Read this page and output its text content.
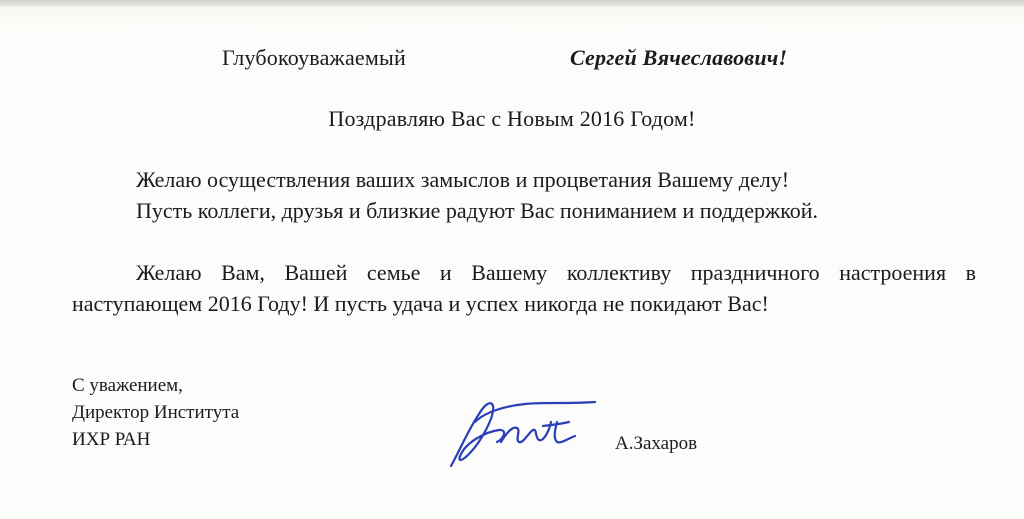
Глубокоуважаемый	Сергей Вячеславович!
Поздравляю Вас с Новым 2016 Годом!

Желаю осуществления ваших замыслов и процветания Вашему делу!

Пусть коллеги, друзья и близкие радуют Вас пониманием и поддержкой.

Желаю Вам, Вашей семье и Вашему коллективу праздничного настроения в наступающем 2016 Году! И пусть удача и успех никогда не покидают Вас!

С уважением,
Директор Института
ИХР РАН	А.Захаров
